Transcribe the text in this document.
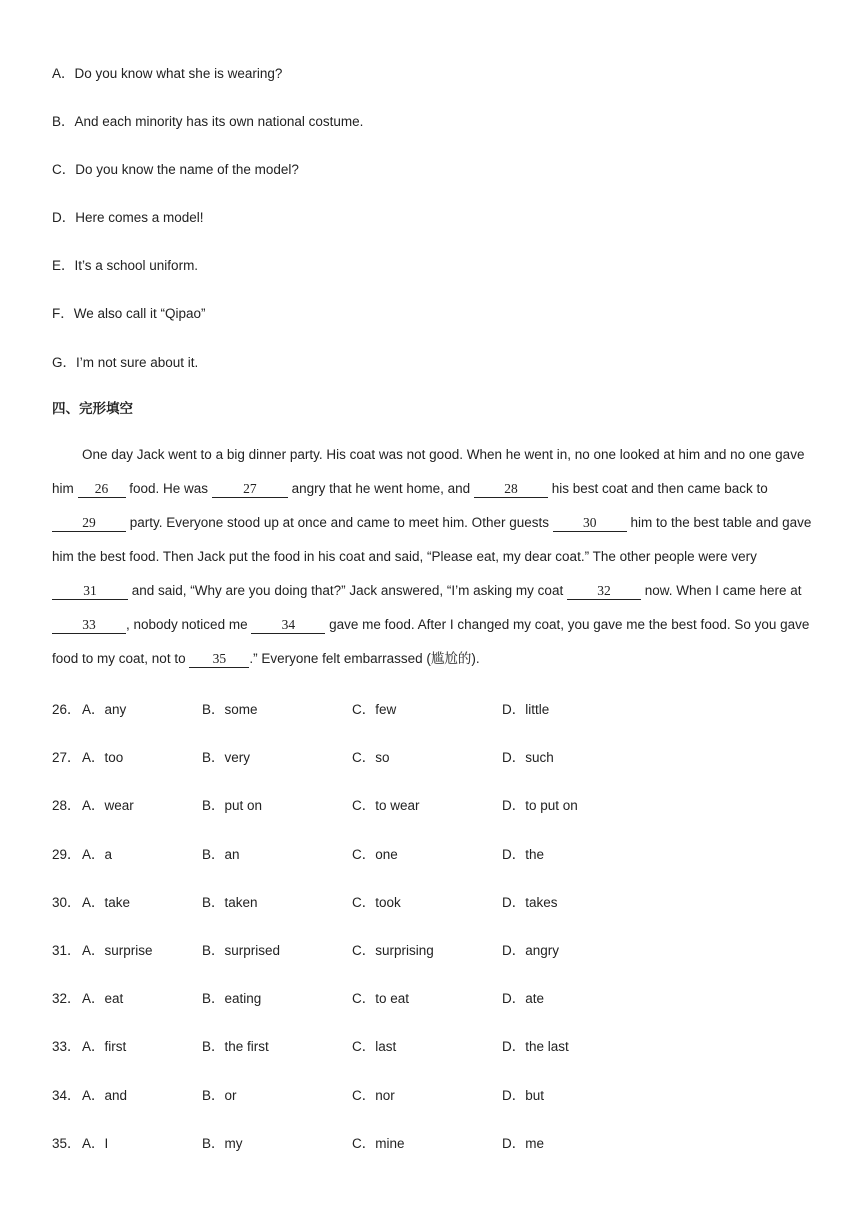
A．Do you know what she is wearing?
B．And each minority has its own national costume.
C．Do you know the name of the model?
D．Here comes a model!
E．It’s a school uniform.
F．We also call it “Qipao”
G．I’m not sure about it.
四、完形填空
One day Jack went to a big dinner party. His coat was not good. When he went in, no one looked at him and no one gave him 26 food. He was 27 angry that he went home, and 28 his best coat and then came back to 29 party. Everyone stood up at once and came to meet him. Other guests 30 him to the best table and gave him the best food. Then Jack put the food in his coat and said, “Please eat, my dear coat.” The other people were very 31 and said, “Why are you doing that?” Jack answered, “I’m asking my coat 32 now. When I came here at 33 , nobody noticed me 34 gave me food. After I changed my coat, you gave me the best food. So you gave food to my coat, not to 35 .” Everyone felt embarrassed (尴尬的).
26． A．any	B．some	C．few	D．little
27． A．too	B．very	C．so	D．such
28． A．wear	B．put on	C．to wear	D．to put on
29． A．a	B．an	C．one	D．the
30． A．take	B．taken	C．took	D．takes
31． A．surprise	B．surprised	C．surprising	D．angry
32． A．eat	B．eating	C．to eat	D．ate
33． A．first	B．the first	C．last	D．the last
34． A．and	B．or	C．nor	D．but
35． A．I	B．my	C．mine	D．me
